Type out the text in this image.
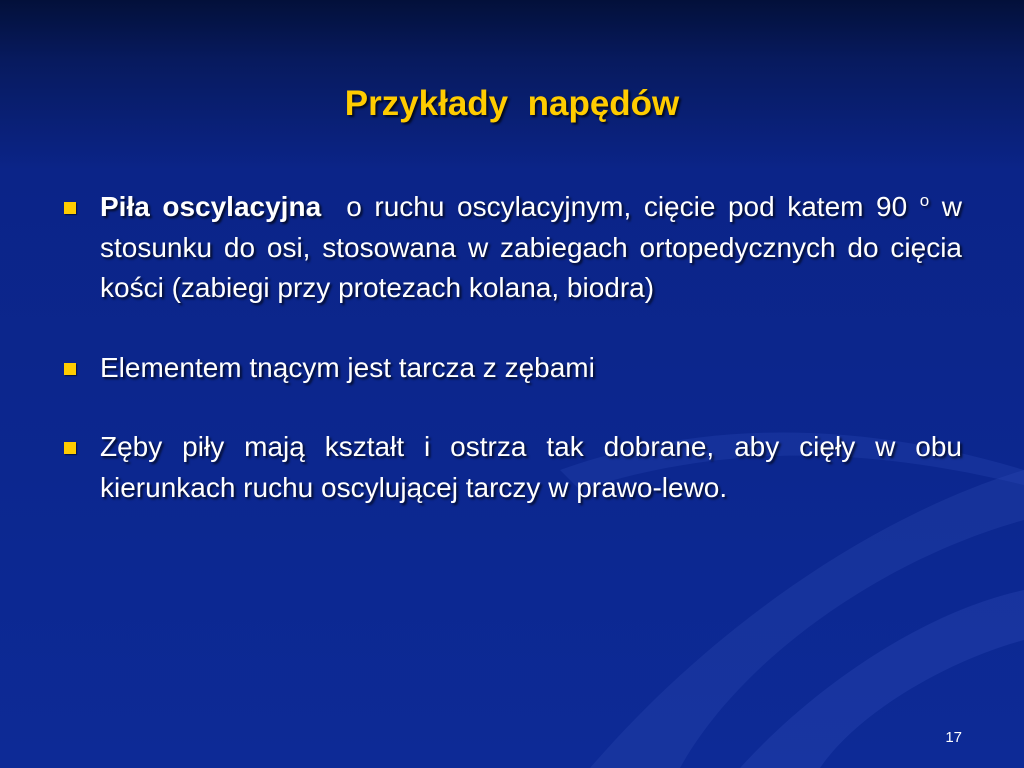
Przykłady  napędów
Piła oscylacyjna o ruchu oscylacyjnym, cięcie pod katem 90 $^o$ w stosunku do osi, stosowana w zabiegach ortopedycznych do cięcia kości (zabiegi przy protezach kolana, biodra)
Elementem tnącym jest tarcza z zębami
Zęby piły mają kształt i ostrza tak dobrane, aby cięły w obu kierunkach ruchu oscylującej tarczy w prawo-lewo.
17
